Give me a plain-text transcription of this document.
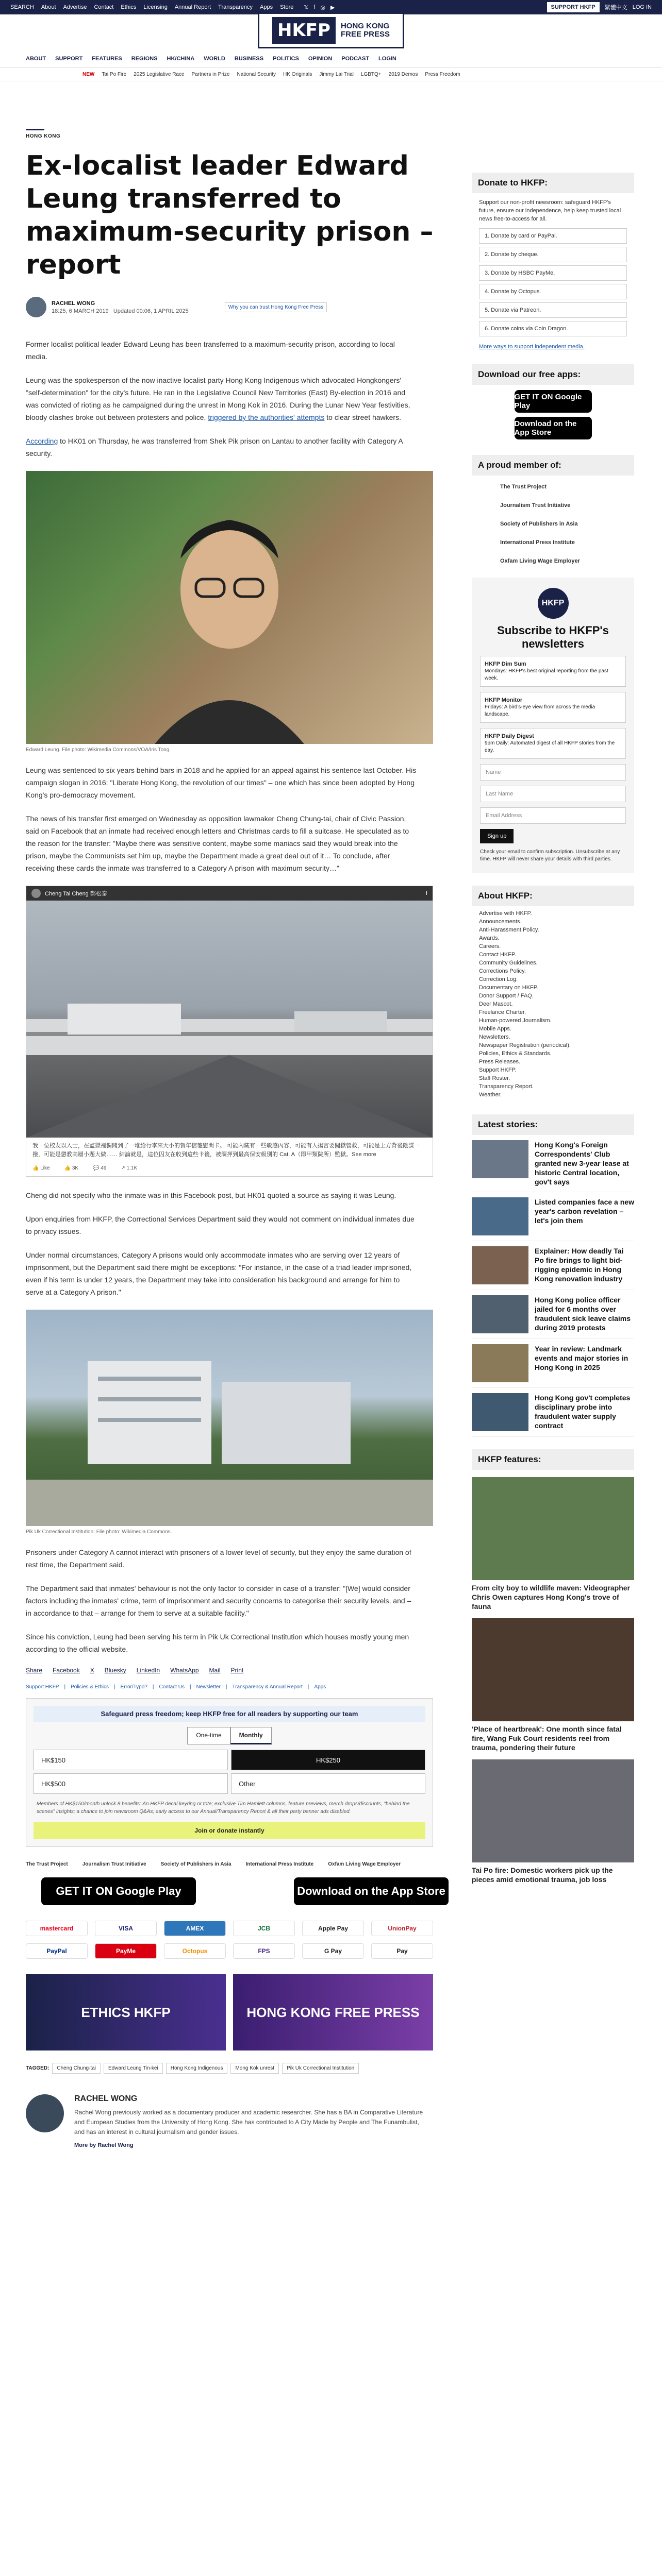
SEARCH About Advertise Contact Ethics Licensing Annual Report Transparency Apps Store 𝕏 f ◎ ▶	SUPPORT HKFP	繁體中文 LOG IN
HKFP	HONG KONG
FREE PRESS
ABOUT SUPPORT FEATURES REGIONS HK/CHINA WORLD BUSINESS POLITICS OPINION PODCAST LOGIN
NEW Tai Po Fire 2025 Legislative Race Partners in Prize National Security HK Originals Jimmy Lai Trial LGBTQ+ 2019 Demos Press Freedom
HONG KONG
Ex-localist leader Edward Leung transferred to maximum-security prison – report
RACHEL WONG
18:25, 6 MARCH 2019 Updated 00:06, 1 APRIL 2025
Why you can trust Hong Kong Free Press

Former localist political leader Edward Leung has been transferred to a maximum-security prison, according to local media.

Leung was the spokesperson of the now inactive localist party Hong Kong Indigenous which advocated Hongkongers' "self-determination" for the city's future. He ran in the Legislative Council New Territories (East) By-election in 2016 and was convicted of rioting as he campaigned during the unrest in Mong Kok in 2016. During the Lunar New Year festivities, bloody clashes broke out between protesters and police, triggered by the authorities' attempts to clear street hawkers.

According to HK01 on Thursday, he was transferred from Shek Pik prison on Lantau to another facility with Category A security.

Edward Leung. File photo: Wikimedia Commons/VOA/Iris Tong.

Leung was sentenced to six years behind bars in 2018 and he applied for an appeal against his sentence last October. His campaign slogan in 2016: "Liberate Hong Kong, the revolution of our times" – one which has since been adopted by Hong Kong's pro-democracy movement.

The news of his transfer first emerged on Wednesday as opposition lawmaker Cheng Chung-tai, chair of Civic Passion, said on Facebook that an inmate had received enough letters and Christmas cards to fill a suitcase. He speculated as to the reason for the transfer: "Maybe there was sensitive content, maybe some maniacs said they would break into the prison, maybe the Communists set him up, maybe the Department made a great deal out of it… To conclude, after receiving these cards the inmate was transferred to a Category A prison with maximum security…"

Cheng Tai Cheng 鄭松泰	f
我一位校友以入士，在監獄裡獨聞到了一堆給行李來大小的賀年信箋慰問卡。 可能內藏有一些敏感內容，可能有人揚言要闖獄營救，可能是上方背後陰謀一撥，可能是懲教高層小題大做…… 結論就是，這位囚友在收到這些卡後，被調押到最高保安級別的 Cat. A（即甲類院所）監獄。See more
👍 Like	👍 3K	💬 49	↗ 1.1K

Cheng did not specify who the inmate was in this Facebook post, but HK01 quoted a source as saying it was Leung.

Upon enquiries from HKFP, the Correctional Services Department said they would not comment on individual inmates due to privacy issues.

Under normal circumstances, Category A prisons would only accommodate inmates who are serving over 12 years of imprisonment, but the Department said there might be exceptions: "For instance, in the case of a triad leader imprisoned, even if his term is under 12 years, the Department may take into consideration his background and arrange for him to serve at a Category A prison."

Pik Uk Correctional Institution. File photo: Wikimedia Commons.

Prisoners under Category A cannot interact with prisoners of a lower level of security, but they enjoy the same duration of rest time, the Department said.

The Department said that inmates' behaviour is not the only factor to consider in case of a transfer: "[We] would consider factors including the inmates' crime, term of imprisonment and security concerns to categorise their security levels, and – in accordance to that – arrange for them to serve at a suitable facility."

Since his conviction, Leung had been serving his term in Pik Uk Correctional Institution which houses mostly young men according to the official website.

Share Facebook X Bluesky LinkedIn WhatsApp Mail Print
Support HKFP | Policies & Ethics | Error/Typo? | Contact Us | Newsletter | Transparency & Annual Report | Apps
Safeguard press freedom; keep HKFP free for all readers by supporting our team
One-time	Monthly
HK$150	HK$250
HK$500	Other
Members of HK$150/month unlock 8 benefits: An HKFP decal keyring or tote; exclusive Tim Hamlett columns, feature previews, merch drops/discounts, "behind the scenes" insights; a chance to join newsroom Q&As; early access to our Annual/Transparency Report & all their party banner ads disabled.
Join or donate instantly
The Trust Project	Journalism Trust Initiative	Society of Publishers in Asia	International Press Institute	Oxfam Living Wage Employer
GET IT ON Google Play	Download on the App Store
mastercard	VISA	AMEX	JCB	Apple Pay	UnionPay
PayPal	PayMe	Octopus	FPS	G Pay	Pay
ETHICS HKFP	HONG KONG FREE PRESS
TAGGED:	Cheng Chung-tai	Edward Leung Tin-kei	Hong Kong Indigenous	Mong Kok unrest	Pik Uk Correctional Institution
RACHEL WONG

Rachel Wong previously worked as a documentary producer and academic researcher. She has a BA in Comparative Literature and European Studies from the University of Hong Kong. She has contributed to A City Made by People and The Funambulist, and has an interest in cultural journalism and gender issues.

More by Rachel Wong
Donate to HKFP:
Support our non-profit newsroom: safeguard HKFP's future, ensure our independence, help keep trusted local news free-to-access for all.
1. Donate by card or PayPal.
2. Donate by cheque.
3. Donate by HSBC PayMe.
4. Donate by Octopus.
5. Donate via Patreon.
6. Donate coins via Coin Dragon.
More ways to support independent media.
Download our free apps:
GET IT ON Google Play
Download on the App Store
A proud member of:
The Trust Project
Journalism Trust Initiative
Society of Publishers in Asia
International Press Institute
Oxfam Living Wage Employer
HKFP
Subscribe to HKFP's newsletters
HKFP Dim Sum
Mondays: HKFP's best original reporting from the past week.
HKFP Monitor
Fridays: A bird's-eye view from across the media landscape.
HKFP Daily Digest
9pm Daily: Automated digest of all HKFP stories from the day.
Name
Last Name
Email Address
Sign up
Check your email to confirm subscription. Unsubscribe at any time. HKFP will never share your details with third parties.
About HKFP:
Advertise with HKFP.
Announcements.
Anti-Harassment Policy.
Awards.
Careers.
Contact HKFP.
Community Guidelines.
Corrections Policy.
Correction Log.
Documentary on HKFP.
Donor Support / FAQ.
Deer Mascot.
Freelance Charter.
Human-powered Journalism.
Mobile Apps.
Newsletters.
Newspaper Registration (periodical).
Policies, Ethics & Standards.
Press Releases.
Support HKFP.
Staff Roster.
Transparency Report.
Weather.
Latest stories:
Hong Kong's Foreign Correspondents' Club granted new 3-year lease at historic Central location, gov't says
Listed companies face a new year's carbon revelation – let's join them
Explainer: How deadly Tai Po fire brings to light bid-rigging epidemic in Hong Kong renovation industry
Hong Kong police officer jailed for 6 months over fraudulent sick leave claims during 2019 protests
Year in review: Landmark events and major stories in Hong Kong in 2025
Hong Kong gov't completes disciplinary probe into fraudulent water supply contract
HKFP features:
From city boy to wildlife maven: Videographer Chris Owen captures Hong Kong's trove of fauna
'Place of heartbreak': One month since fatal fire, Wang Fuk Court residents reel from trauma, pondering their future
Tai Po fire: Domestic workers pick up the pieces amid emotional trauma, job loss
